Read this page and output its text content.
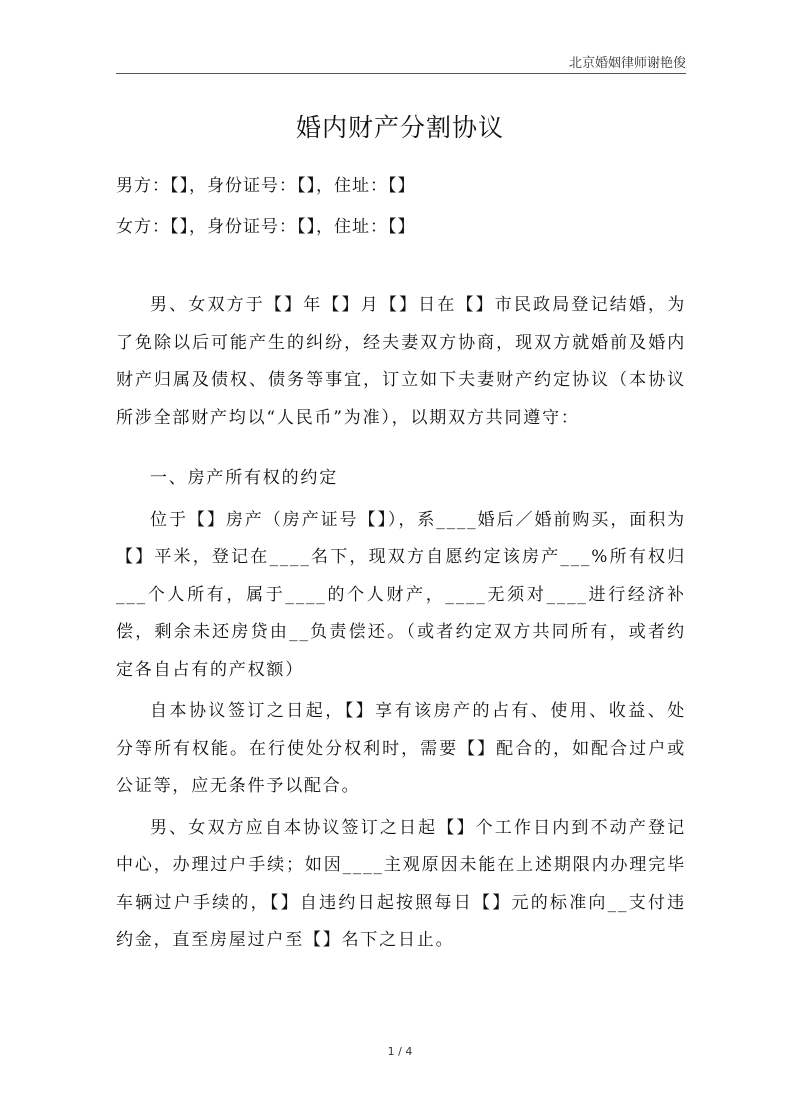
北京婚姻律师谢艳俊
婚内财产分割协议
男方：【】，身份证号：【】，住址：【】
女方：【】，身份证号：【】，住址：【】

男、女双方于【】年【】月【】日在【】市民政局登记结婚，为了免除以后可能产生的纠纷，经夫妻双方协商，现双方就婚前及婚内财产归属及债权、债务等事宜，订立如下夫妻财产约定协议（本协议所涉全部财产均以“人民币”为准），以期双方共同遵守：

一、房产所有权的约定

位于【】房产（房产证号【】），系____婚后／婚前购买，面积为【】平米，登记在____名下，现双方自愿约定该房产___%所有权归___个人所有，属于____的个人财产，____无须对____进行经济补偿，剩余未还房贷由__负责偿还。（或者约定双方共同所有，或者约定各自占有的产权额）

自本协议签订之日起，【】享有该房产的占有、使用、收益、处分等所有权能。在行使处分权利时，需要【】配合的，如配合过户或公证等，应无条件予以配合。

男、女双方应自本协议签订之日起【】个工作日内到不动产登记中心，办理过户手续；如因____主观原因未能在上述期限内办理完毕车辆过户手续的，【】自违约日起按照每日【】元的标准向__支付违约金，直至房屋过户至【】名下之日止。

1 / 4
